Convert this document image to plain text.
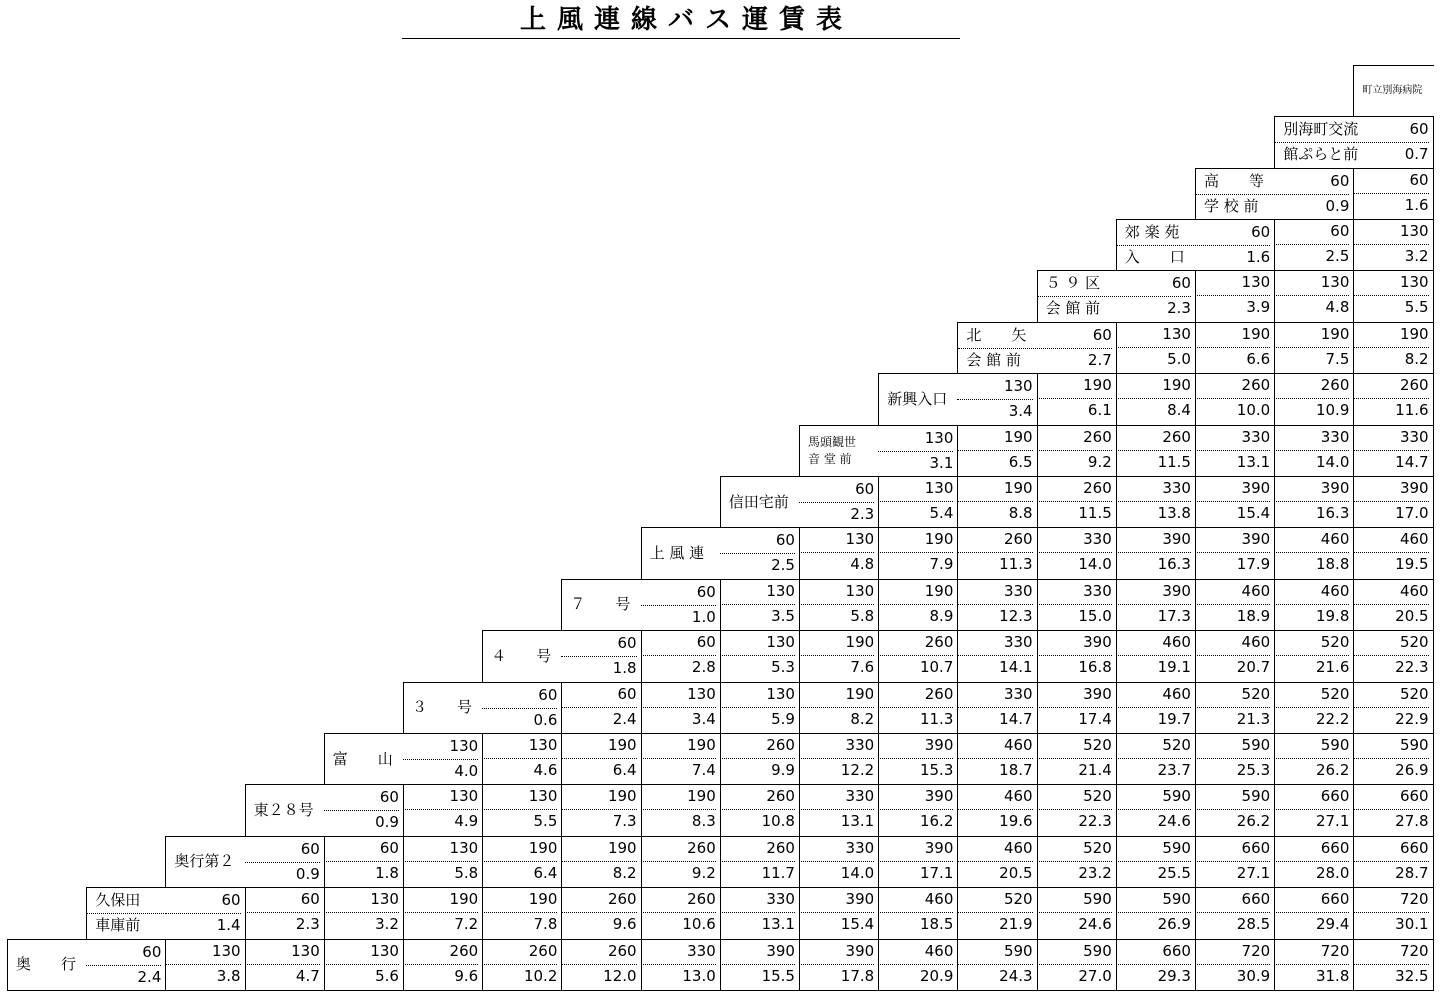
上風連線バス運賃表
奥　　行
久保田
車庫前
奥行第２
東２８号
富　　山
３　　号
４　　号
７　　号
上 風 連
信田宅前
馬頭観世
音 堂 前
新興入口
北　　矢
会 館 前
５ ９ 区
会 館 前
郊 楽 苑
入　　口
高　　等
学 校 前
別海町交流
館ぷらと前
町立別海病院
60
2.4
130
3.8
60
1.4
130
4.7
60
2.3
60
0.9
130
5.6
130
3.2
60
1.8
60
0.9
260
9.6
190
7.2
130
5.8
130
4.9
130
4.0
260
10.2
190
7.8
190
6.4
130
5.5
130
4.6
60
0.6
260
12.0
260
9.6
190
8.2
190
7.3
190
6.4
60
2.4
60
1.8
330
13.0
260
10.6
260
9.2
190
8.3
190
7.4
130
3.4
60
2.8
60
1.0
390
15.5
330
13.1
260
11.7
260
10.8
260
9.9
130
5.9
130
5.3
130
3.5
60
2.5
390
17.8
390
15.4
330
14.0
330
13.1
330
12.2
190
8.2
190
7.6
130
5.8
130
4.8
60
2.3
460
20.9
460
18.5
390
17.1
390
16.2
390
15.3
260
11.3
260
10.7
190
8.9
190
7.9
130
5.4
130
3.1
590
24.3
520
21.9
460
20.5
460
19.6
460
18.7
330
14.7
330
14.1
330
12.3
260
11.3
190
8.8
190
6.5
130
3.4
590
27.0
590
24.6
520
23.2
520
22.3
520
21.4
390
17.4
390
16.8
330
15.0
330
14.0
260
11.5
260
9.2
190
6.1
60
2.7
660
29.3
590
26.9
590
25.5
590
24.6
520
23.7
460
19.7
460
19.1
390
17.3
390
16.3
330
13.8
260
11.5
190
8.4
130
5.0
60
2.3
720
30.9
660
28.5
660
27.1
590
26.2
590
25.3
520
21.3
460
20.7
460
18.9
390
17.9
390
15.4
330
13.1
260
10.0
190
6.6
130
3.9
60
1.6
720
31.8
660
29.4
660
28.0
660
27.1
590
26.2
520
22.2
520
21.6
460
19.8
460
18.8
390
16.3
330
14.0
260
10.9
190
7.5
130
4.8
60
2.5
60
0.9
720
32.5
720
30.1
660
28.7
660
27.8
590
26.9
520
22.9
520
22.3
460
20.5
460
19.5
390
17.0
330
14.7
260
11.6
190
8.2
130
5.5
130
3.2
60
1.6
60
0.7
